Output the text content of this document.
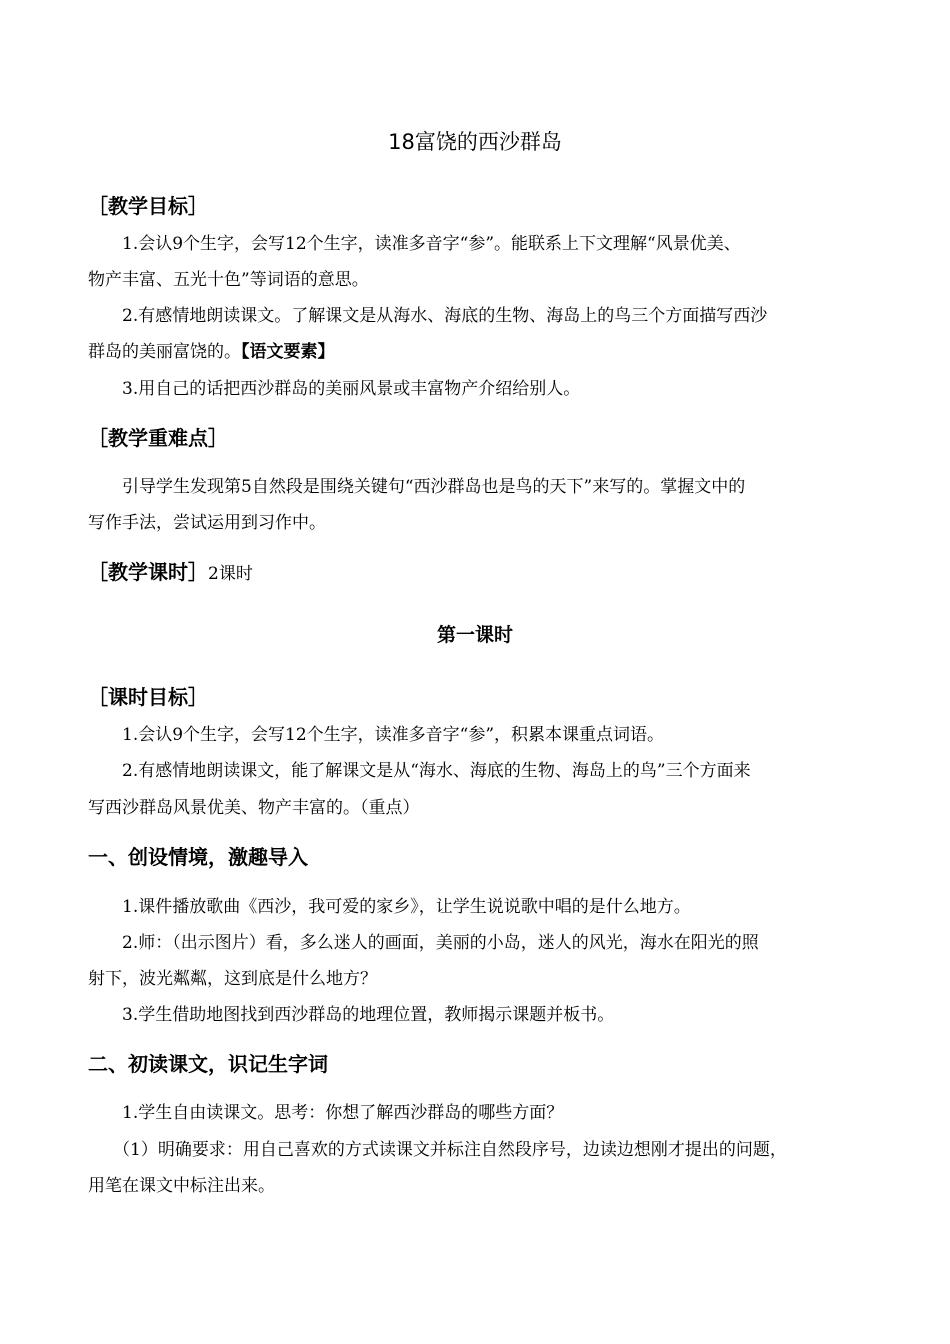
18富饶的西沙群岛
［教学目标］
1.会认9个生字，会写12个生字，读准多音字“参”。能联系上下文理解“风景优美、
物产丰富、五光十色”等词语的意思。
2.有感情地朗读课文。了解课文是从海水、海底的生物、海岛上的鸟三个方面描写西沙
群岛的美丽富饶的。【语文要素】
3.用自己的话把西沙群岛的美丽风景或丰富物产介绍给别人。
［教学重难点］
引导学生发现第5自然段是围绕关键句“西沙群岛也是鸟的天下”来写的。掌握文中的
写作手法，尝试运用到习作中。
［教学课时］2课时
第一课时
［课时目标］
1.会认9个生字，会写12个生字，读准多音字“参”，积累本课重点词语。
2.有感情地朗读课文，能了解课文是从“海水、海底的生物、海岛上的鸟”三个方面来
写西沙群岛风景优美、物产丰富的。（重点）
一、创设情境，激趣导入
1.课件播放歌曲《西沙，我可爱的家乡》，让学生说说歌中唱的是什么地方。
2.师：（出示图片）看，多么迷人的画面，美丽的小岛，迷人的风光，海水在阳光的照
射下，波光粼粼，这到底是什么地方？
3.学生借助地图找到西沙群岛的地理位置，教师揭示课题并板书。
二、初读课文，识记生字词
1.学生自由读课文。思考：你想了解西沙群岛的哪些方面？
（1）明确要求：用自己喜欢的方式读课文并标注自然段序号，边读边想刚才提出的问题，
用笔在课文中标注出来。
